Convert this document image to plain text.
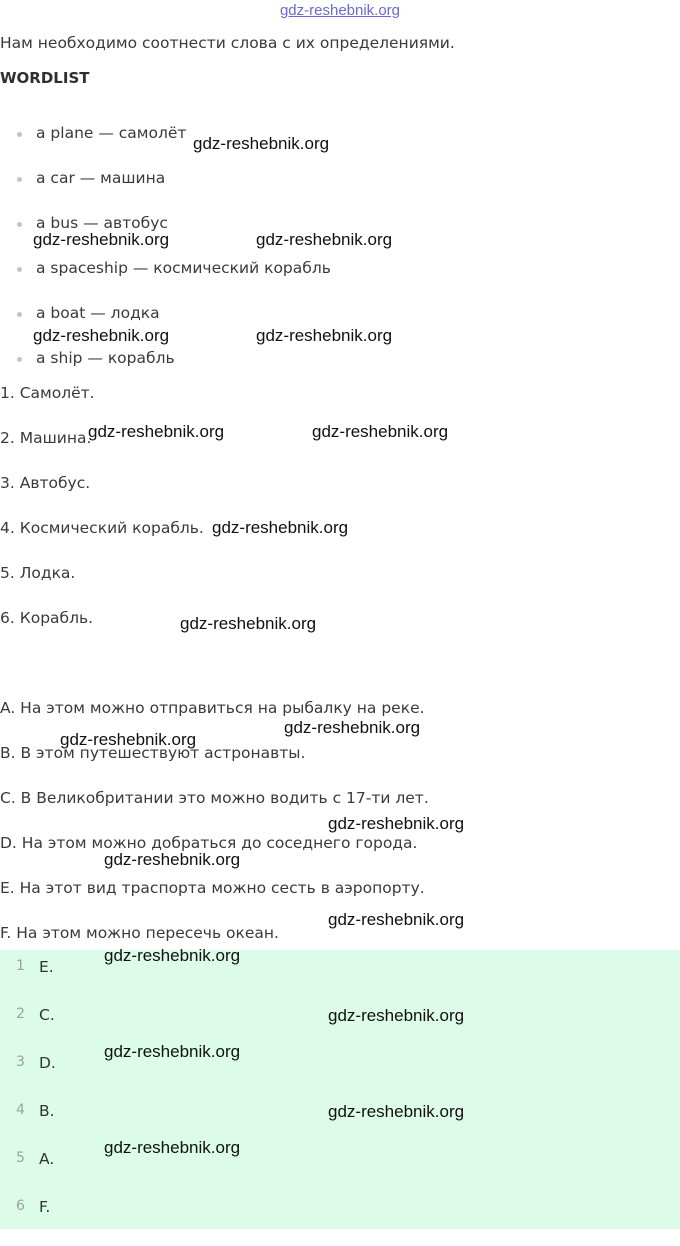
gdz-reshebnik.org
Нам необходимо соотнести слова с их определениями.
WORDLIST
a plane — самолёт
a car — машина
a bus — автобус
a spaceship — космический корабль
a boat — лодка
a ship — корабль
1. Самолёт.
2. Машина.
3. Автобус.
4. Космический корабль.
5. Лодка.
6. Корабль.
A. На этом можно отправиться на рыбалку на реке.
B. В этом путешествуют астронавты.
C. В Великобритании это можно водить с 17-ти лет.
D. На этом можно добраться до соседнего города.
E. На этот вид траспорта можно сесть в аэропорту.
F. На этом можно пересечь океан.
1 E.
2 C.
3 D.
4 B.
5 A.
6 F.
gdz-reshebnik.org
gdz-reshebnik.org	gdz-reshebnik.org
gdz-reshebnik.org	gdz-reshebnik.org
gdz-reshebnik.org	gdz-reshebnik.org
gdz-reshebnik.org
gdz-reshebnik.org
gdz-reshebnik.org
gdz-reshebnik.org
gdz-reshebnik.org
gdz-reshebnik.org
gdz-reshebnik.org
gdz-reshebnik.org
gdz-reshebnik.org
gdz-reshebnik.org
gdz-reshebnik.org
gdz-reshebnik.org
